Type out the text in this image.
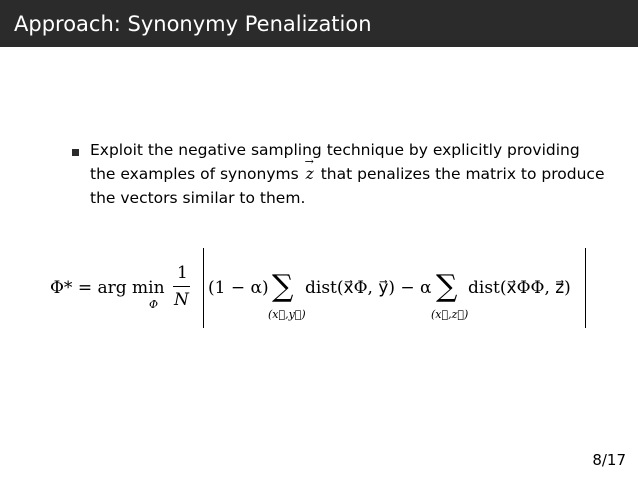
Approach: Synonymy Penalization
Exploit the negative sampling technique by explicitly providing the examples of synonyms → z that penalizes the matrix to produce the vectors similar to them.
Φ* = arg min
Φ
1
N
(1 − α) ∑
(x⃗,y⃗)
dist(x⃗Φ, y⃗) − α ∑
(x⃗,z⃗)
dist(x⃗ΦΦ, z⃗)
8/17
